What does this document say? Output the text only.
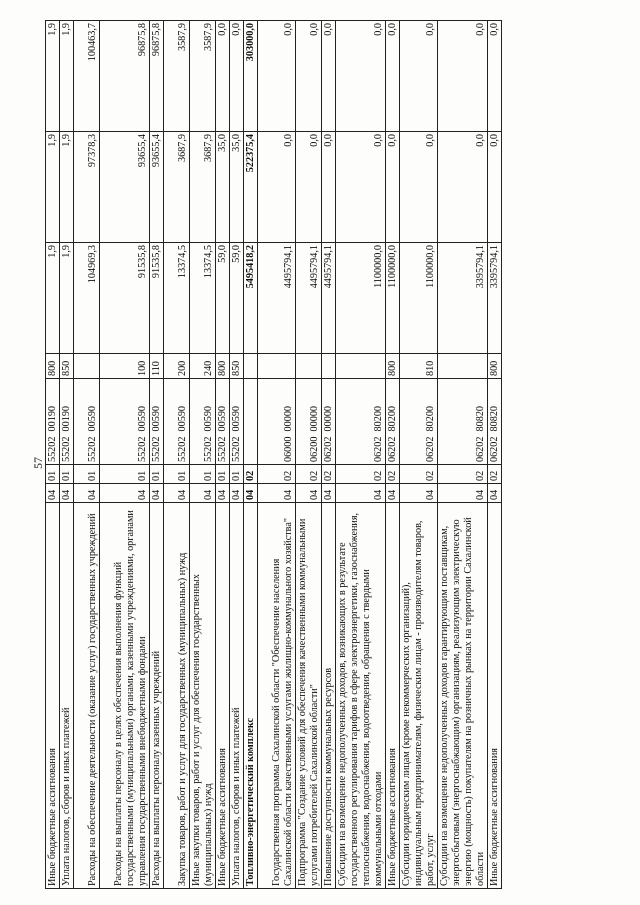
57
Иные бюджетные ассигнования	04	01	55202  00190	800	1,9	1,9	1,9
Уплата налогов, сборов и иных платежей	04	01	55202  00190	850	1,9	1,9	1,9
Расходы на обеспечение деятельности (оказание услуг) государственных учреждений	04	01	55202  00590		104969,3	97378,3	100463,7
Расходы на выплаты персоналу в целях обеспечения выполнения функций государственными (муниципальными) органами, казенными учреждениями, органами управления государственными внебюджетными фондами	04	01	55202  00590	100	91535,8	93655,4	96875,8
Расходы на выплаты персоналу казенных учреждений	04	01	55202  00590	110	91535,8	93655,4	96875,8
Закупка товаров, работ и услуг для государственных (муниципальных) нужд	04	01	55202  00590	200	13374,5	3687,9	3587,9
Иные закупки товаров, работ и услуг для обеспечения государственных (муниципальных) нужд	04	01	55202  00590	240	13374,5	3687,9	3587,9
Иные бюджетные ассигнования	04	01	55202  00590	800	59,0	35,0	0,0
Уплата налогов, сборов и иных платежей	04	01	55202  00590	850	59,0	35,0	0,0
Топливно-энергетический комплекс	04	02			5495418,2	522375,4	303000,0
Государственная программа Сахалинской области "Обеспечение населения Сахалинской области качественными услугами жилищно-коммунального хозяйства"	04	02	06000  00000		4495794,1	0,0	0,0
Подпрограмма "Создание условий для обеспечения качественными коммунальными услугами потребителей Сахалинской области"	04	02	06200  00000		4495794,1	0,0	0,0
Повышение доступности коммунальных ресурсов	04	02	06202  00000		4495794,1	0,0	0,0
Субсидии на возмещение недополученных доходов, возникающих в результате государственного регулирования тарифов в сфере электроэнергетики, газоснабжения, теплоснабжения, водоснабжения, водоотведения, обращения с твердыми коммунальными отходами	04	02	06202  80200		1100000,0	0,0	0,0
Иные бюджетные ассигнования	04	02	06202  80200	800	1100000,0	0,0	0,0
Субсидии юридическим лицам (кроме некоммерческих организаций), индивидуальным предпринимателям, физическим лицам - производителям товаров, работ, услуг	04	02	06202  80200	810	1100000,0	0,0	0,0
Субсидии на возмещение недополученных доходов гарантирующим поставщикам, энергосбытовым (энергоснабжающим) организациям, реализующим электрическую энергию (мощность) покупателям на розничных рынках на территории Сахалинской области	04	02	06202  80820		3395794,1	0,0	0,0
Иные бюджетные ассигнования	04	02	06202  80820	800	3395794,1	0,0	0,0
